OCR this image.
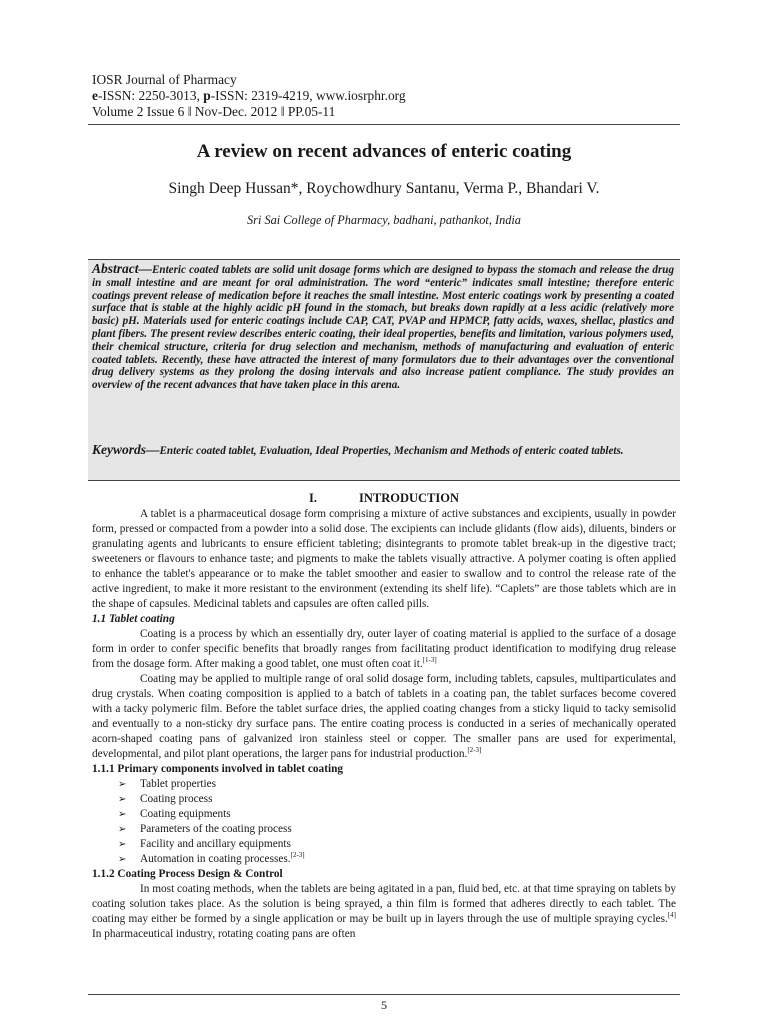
IOSR Journal of Pharmacy
e-ISSN: 2250-3013, p-ISSN: 2319-4219, www.iosrphr.org
Volume 2 Issue 6 ǁ Nov-Dec. 2012 ǁ PP.05-11
A review on recent advances of enteric coating
Singh Deep Hussan*, Roychowdhury Santanu, Verma P., Bhandari V.
Sri Sai College of Pharmacy, badhani, pathankot, India
Abstract—Enteric coated tablets are solid unit dosage forms which are designed to bypass the stomach and release the drug in small intestine and are meant for oral administration. The word “enteric” indicates small intestine; therefore enteric coatings prevent release of medication before it reaches the small intestine. Most enteric coatings work by presenting a coated surface that is stable at the highly acidic pH found in the stomach, but breaks down rapidly at a less acidic (relatively more basic) pH. Materials used for enteric coatings include CAP, CAT, PVAP and HPMCP, fatty acids, waxes, shellac, plastics and plant fibers. The present review describes enteric coating, their ideal properties, benefits and limitation, various polymers used, their chemical structure, criteria for drug selection and mechanism, methods of manufacturing and evaluation of enteric coated tablets. Recently, these have attracted the interest of many formulators due to their advantages over the conventional drug delivery systems as they prolong the dosing intervals and also increase patient compliance. The study provides an overview of the recent advances that have taken place in this arena.
Keywords—Enteric coated tablet, Evaluation, Ideal Properties, Mechanism and Methods of enteric coated tablets.
I.	INTRODUCTION

A tablet is a pharmaceutical dosage form comprising a mixture of active substances and excipients, usually in powder form, pressed or compacted from a powder into a solid dose. The excipients can include glidants (flow aids), diluents, binders or granulating agents and lubricants to ensure efficient tableting; disintegrants to promote tablet break-up in the digestive tract; sweeteners or flavours to enhance taste; and pigments to make the tablets visually attractive. A polymer coating is often applied to enhance the tablet's appearance or to make the tablet smoother and easier to swallow and to control the release rate of the active ingredient, to make it more resistant to the environment (extending its shelf life). “Caplets” are those tablets which are in the shape of capsules. Medicinal tablets and capsules are often called pills.

1.1 Tablet coating

Coating is a process by which an essentially dry, outer layer of coating material is applied to the surface of a dosage form in order to confer specific benefits that broadly ranges from facilitating product identification to modifying drug release from the dosage form. After making a good tablet, one must often coat it.[1-3]

Coating may be applied to multiple range of oral solid dosage form, including tablets, capsules, multiparticulates and drug crystals. When coating composition is applied to a batch of tablets in a coating pan, the tablet surfaces become covered with a tacky polymeric film. Before the tablet surface dries, the applied coating changes from a sticky liquid to tacky semisolid and eventually to a non-sticky dry surface pans. The entire coating process is conducted in a series of mechanically operated acorn-shaped coating pans of galvanized iron stainless steel or copper. The smaller pans are used for experimental, developmental, and pilot plant operations, the larger pans for industrial production.[2-3]

1.1.1 Primary components involved in tablet coating
➢ Tablet properties
➢ Coating process
➢ Coating equipments
➢ Parameters of the coating process
➢ Facility and ancillary equipments
➢ Automation in coating processes.[2-3]
1.1.2 Coating Process Design & Control

In most coating methods, when the tablets are being agitated in a pan, fluid bed, etc. at that time spraying on tablets by coating solution takes place. As the solution is being sprayed, a thin film is formed that adheres directly to each tablet. The coating may either be formed by a single application or may be built up in layers through the use of multiple spraying cycles.[4] In pharmaceutical industry, rotating coating pans are often

5
